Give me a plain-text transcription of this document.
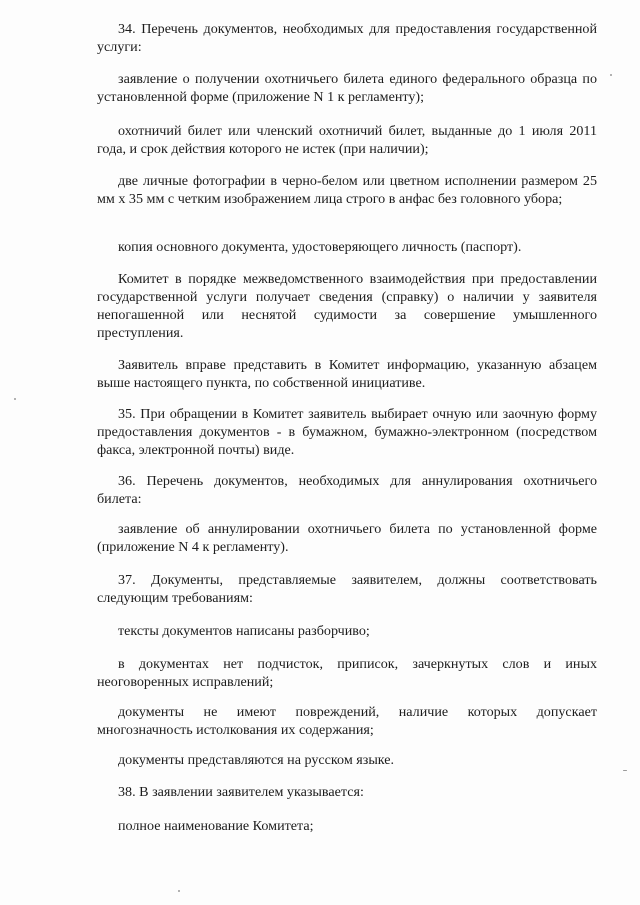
34. Перечень документов, необходимых для предоставления государственной услуги:

заявление о получении охотничьего билета единого федерального образца по установленной форме (приложение N 1 к регламенту);

охотничий билет или членский охотничий билет, выданные до 1 июля 2011 года, и срок действия которого не истек (при наличии);

две личные фотографии в черно-белом или цветном исполнении размером 25 мм x 35 мм с четким изображением лица строго в анфас без головного убора;

копия основного документа, удостоверяющего личность (паспорт).

Комитет в порядке межведомственного взаимодействия при предоставлении государственной услуги получает сведения (справку) о наличии у заявителя непогашенной или неснятой судимости за совершение умышленного преступления.

Заявитель вправе представить в Комитет информацию, указанную абзацем выше настоящего пункта, по собственной инициативе.

35. При обращении в Комитет заявитель выбирает очную или заочную форму предоставления документов - в бумажном, бумажно-электронном (посредством факса, электронной почты) виде.

36. Перечень документов, необходимых для аннулирования охотничьего билета:

заявление об аннулировании охотничьего билета по установленной форме (приложение N 4 к регламенту).

37. Документы, представляемые заявителем, должны соответствовать следующим требованиям:

тексты документов написаны разборчиво;

в документах нет подчисток, приписок, зачеркнутых слов и иных неоговоренных исправлений;

документы не имеют повреждений, наличие которых допускает многозначность истолкования их содержания;

документы представляются на русском языке.

38. В заявлении заявителем указывается:

полное наименование Комитета;
